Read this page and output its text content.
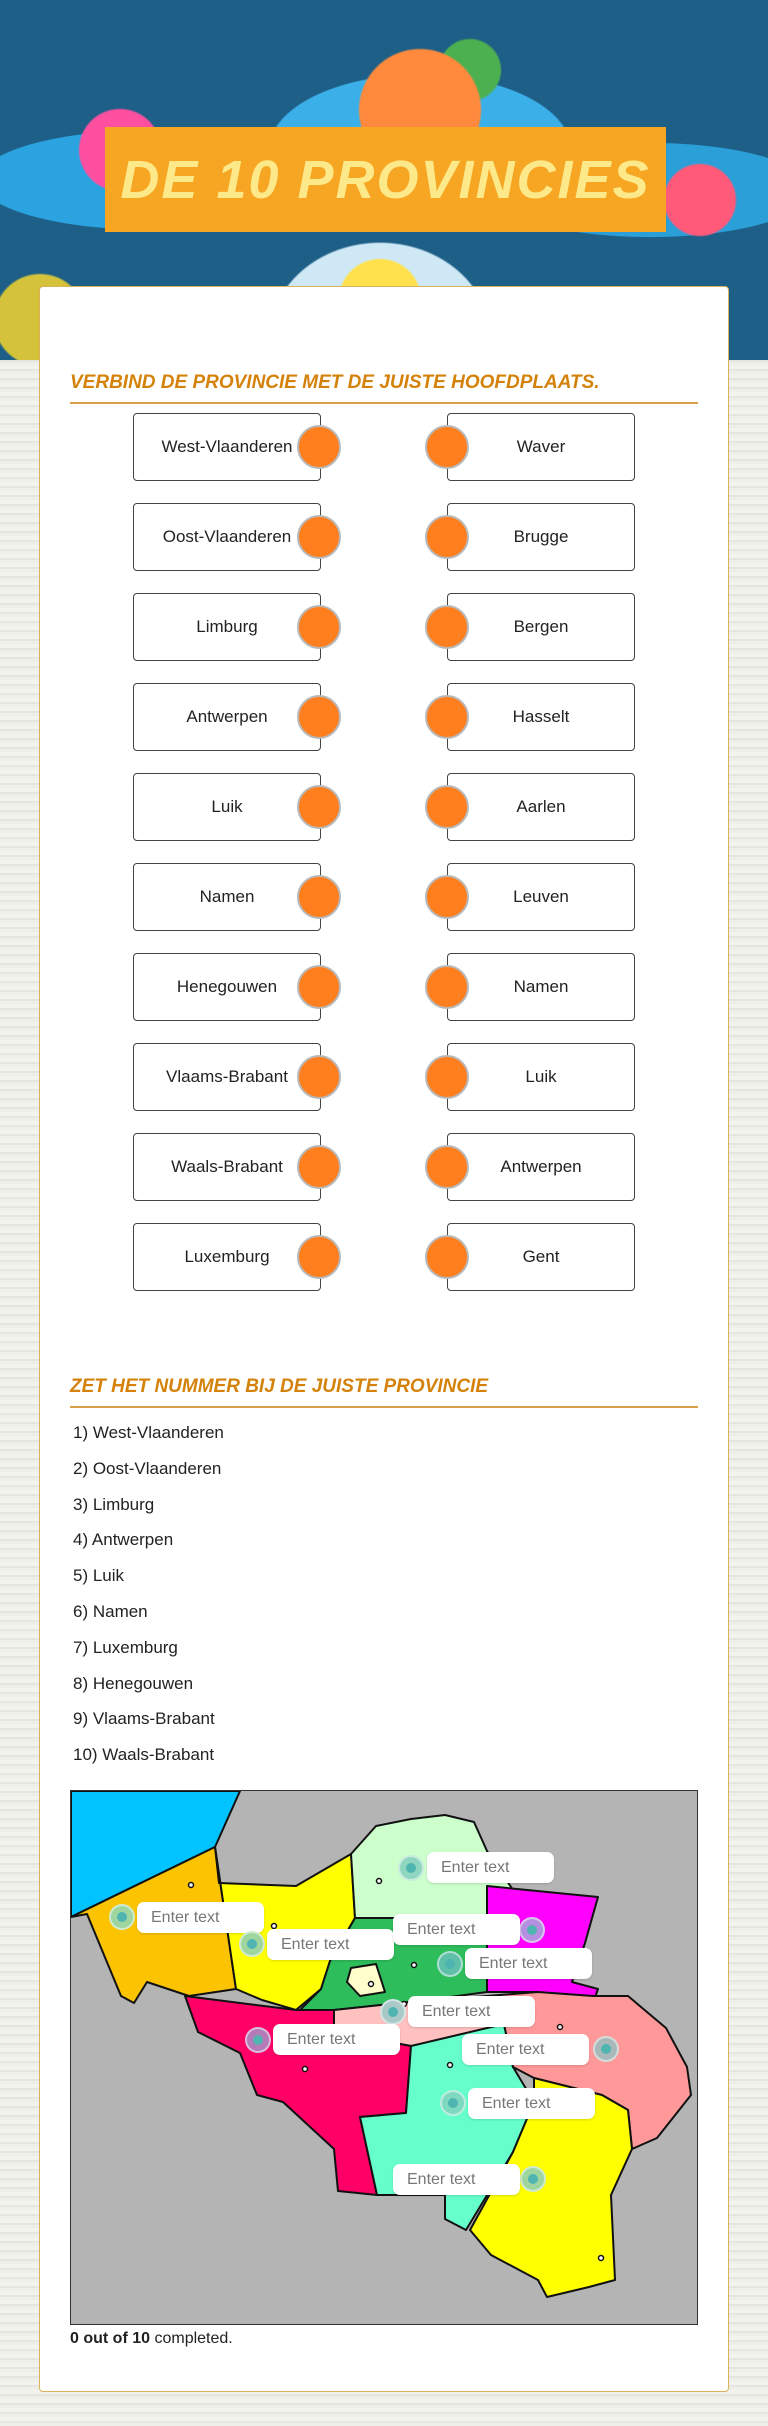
DE 10 PROVINCIES
VERBIND DE PROVINCIE MET DE JUISTE HOOFDPLAATS.
West-Vlaanderen	Waver
Oost-Vlaanderen	Brugge
Limburg	Bergen
Antwerpen	Hasselt
Luik	Aarlen
Namen	Leuven
Henegouwen	Namen
Vlaams-Brabant	Luik
Waals-Brabant	Antwerpen
Luxemburg	Gent
ZET HET NUMMER BIJ DE JUISTE PROVINCIE
1) West-Vlaanderen
2) Oost-Vlaanderen
3) Limburg
4) Antwerpen
5) Luik
6) Namen
7) Luxemburg
8) Henegouwen
9) Vlaams-Brabant
10) Waals-Brabant
Enter text
Enter text
Enter text
Enter text
Enter text
Enter text
Enter text
Enter text
Enter text
Enter text
0 out of 10 completed.
